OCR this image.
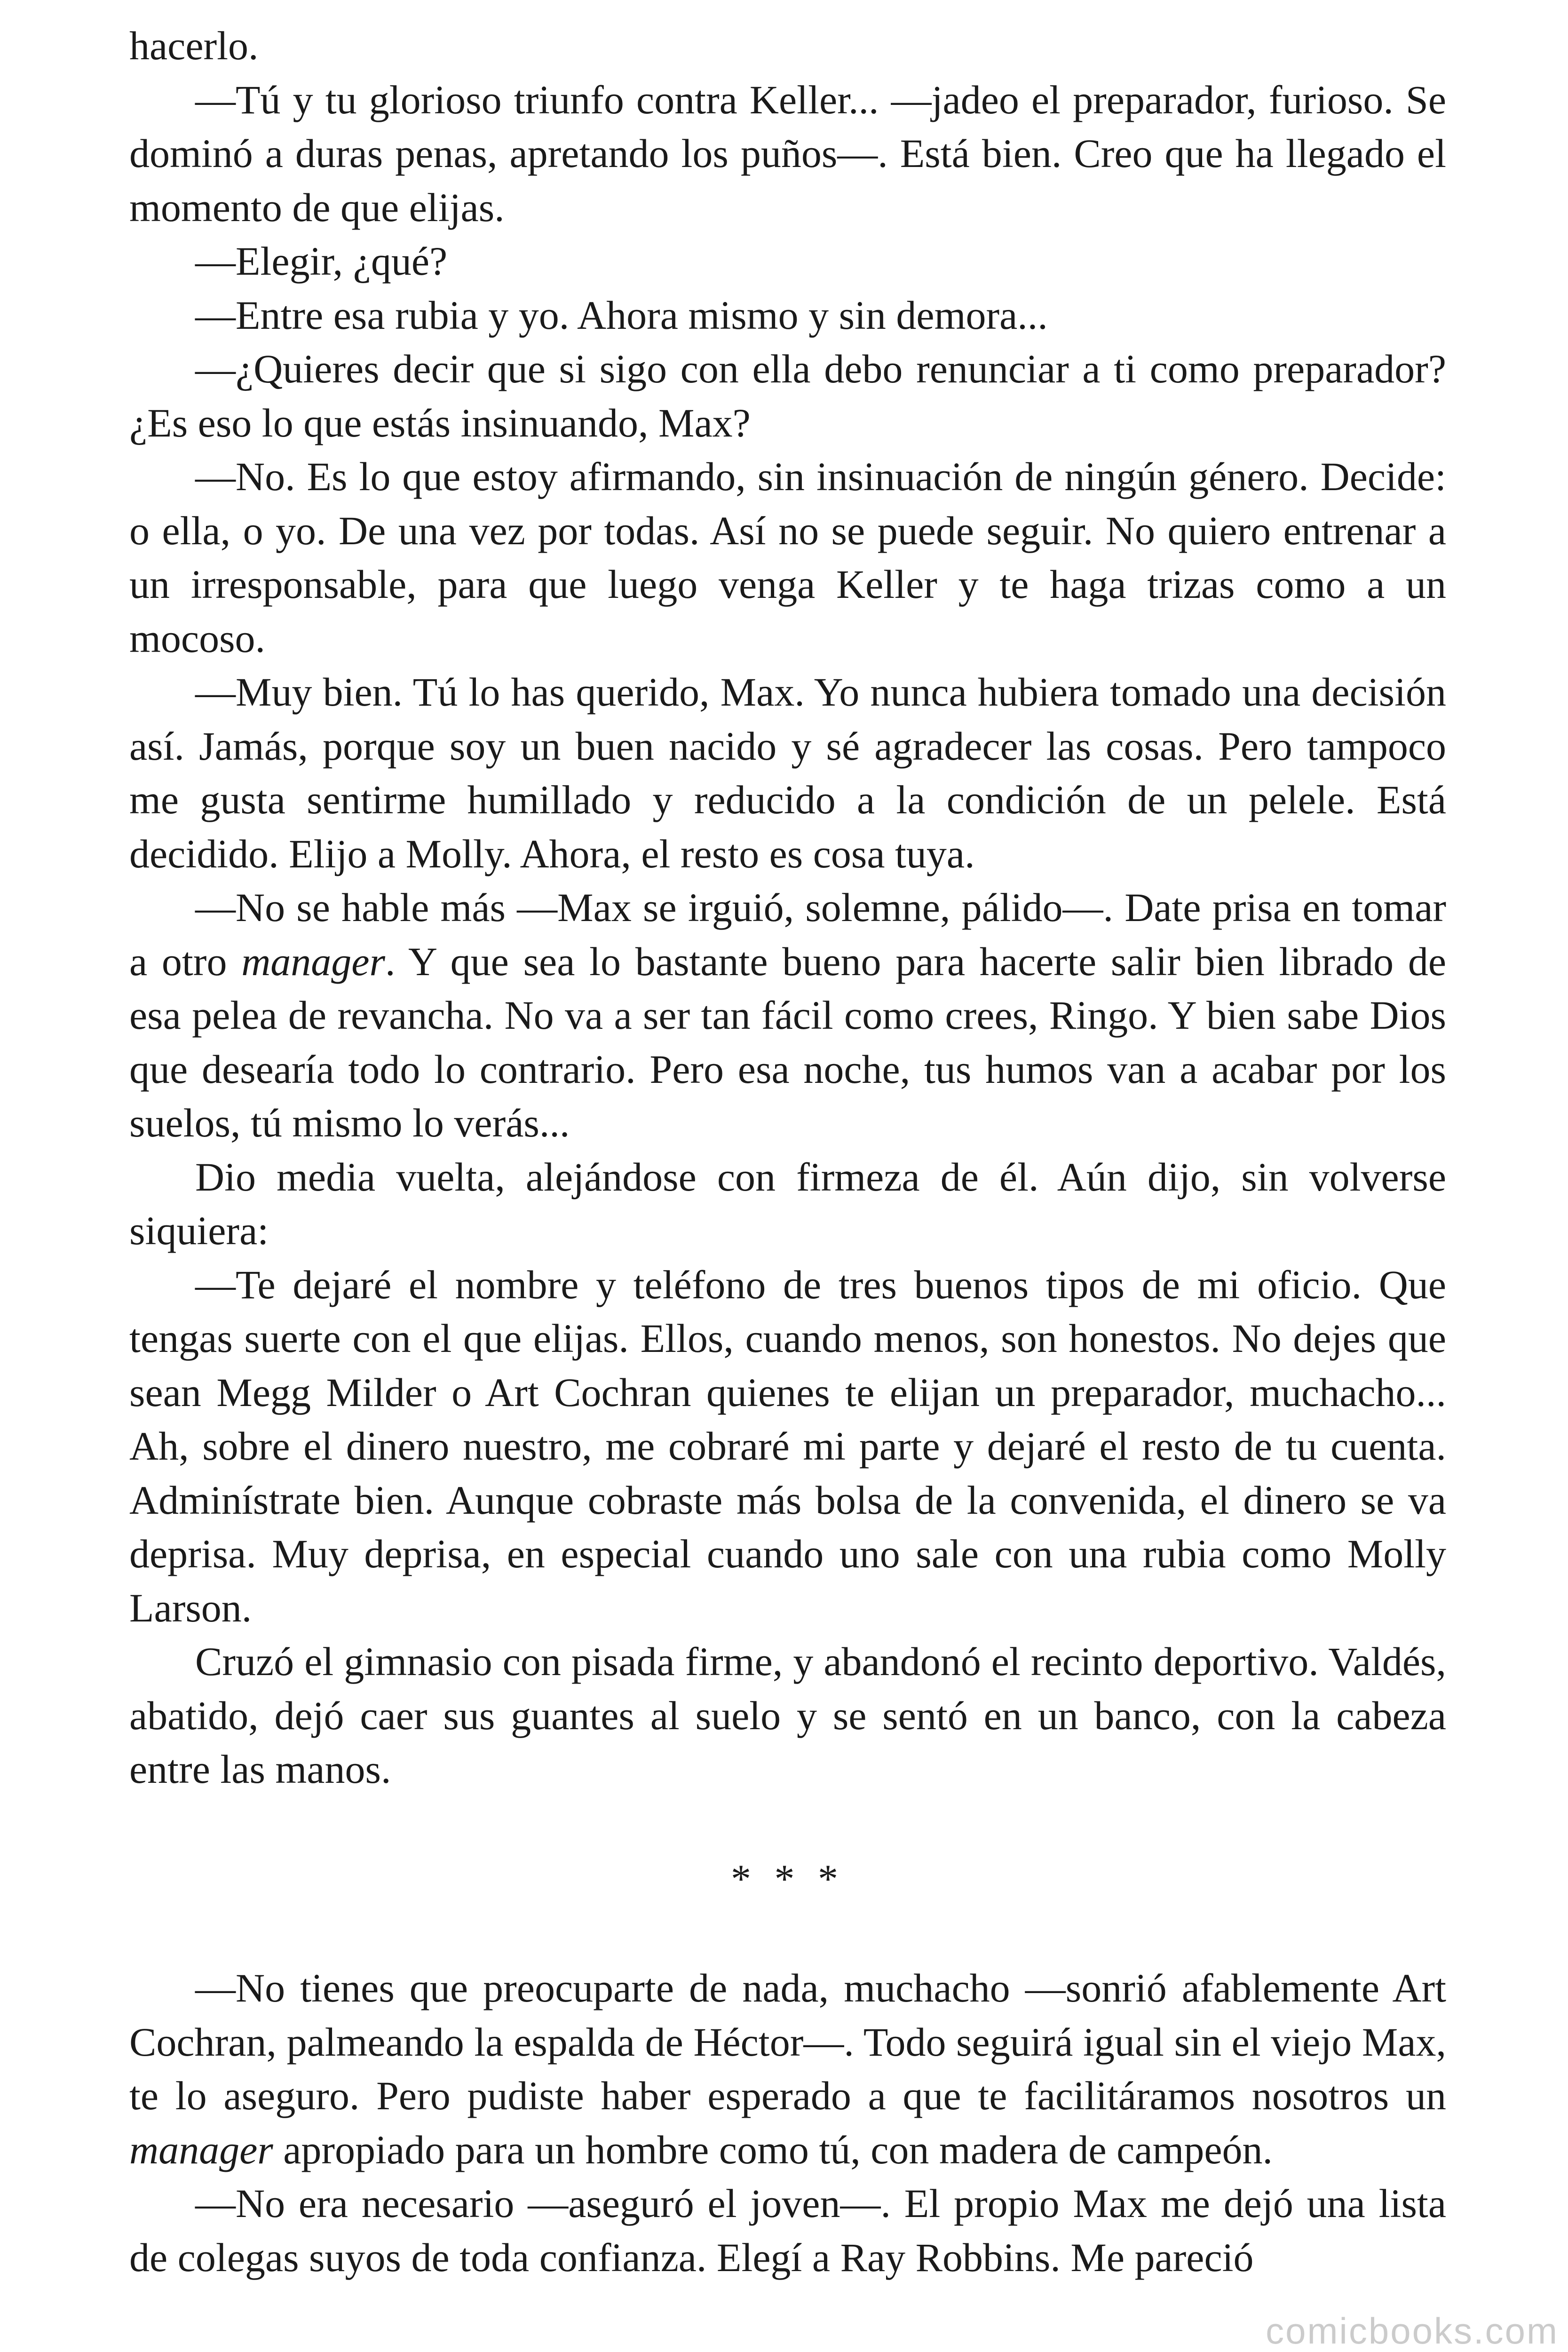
hacerlo.

—Tú y tu glorioso triunfo contra Keller... —jadeo el preparador, furioso. Se dominó a duras penas, apretando los puños—. Está bien. Creo que ha llegado el momento de que elijas.

—Elegir, ¿qué?

—Entre esa rubia y yo. Ahora mismo y sin demora...

—¿Quieres decir que si sigo con ella debo renunciar a ti como preparador? ¿Es eso lo que estás insinuando, Max?

—No. Es lo que estoy afirmando, sin insinuación de ningún género. Decide: o ella, o yo. De una vez por todas. Así no se puede seguir. No quiero entrenar a un irresponsable, para que luego venga Keller y te haga trizas como a un mocoso.

—Muy bien. Tú lo has querido, Max. Yo nunca hubiera tomado una decisión así. Jamás, porque soy un buen nacido y sé agradecer las cosas. Pero tampoco me gusta sentirme humillado y reducido a la condición de un pelele. Está decidido. Elijo a Molly. Ahora, el resto es cosa tuya.

—No se hable más —Max se irguió, solemne, pálido—. Date prisa en tomar a otro manager. Y que sea lo bastante bueno para hacerte salir bien librado de esa pelea de revancha. No va a ser tan fácil como crees, Ringo. Y bien sabe Dios que desearía todo lo contrario. Pero esa noche, tus humos van a acabar por los suelos, tú mismo lo verás...

Dio media vuelta, alejándose con firmeza de él. Aún dijo, sin volverse siquiera:

—Te dejaré el nombre y teléfono de tres buenos tipos de mi oficio. Que tengas suerte con el que elijas. Ellos, cuando menos, son honestos. No dejes que sean Megg Milder o Art Cochran quienes te elijan un preparador, muchacho... Ah, sobre el dinero nuestro, me cobraré mi parte y dejaré el resto de tu cuenta. Adminístrate bien. Aunque cobraste más bolsa de la convenida, el dinero se va deprisa. Muy deprisa, en especial cuando uno sale con una rubia como Molly Larson.

Cruzó el gimnasio con pisada firme, y abandonó el recinto deportivo. Valdés, abatido, dejó caer sus guantes al suelo y se sentó en un banco, con la cabeza entre las manos.

* * *

—No tienes que preocuparte de nada, muchacho —sonrió afablemente Art Cochran, palmeando la espalda de Héctor—. Todo seguirá igual sin el viejo Max, te lo aseguro. Pero pudiste haber esperado a que te facilitáramos nosotros un manager apropiado para un hombre como tú, con madera de campeón.

—No era necesario —aseguró el joven—. El propio Max me dejó una lista de colegas suyos de toda confianza. Elegí a Ray Robbins. Me pareció

comicbooks.com
